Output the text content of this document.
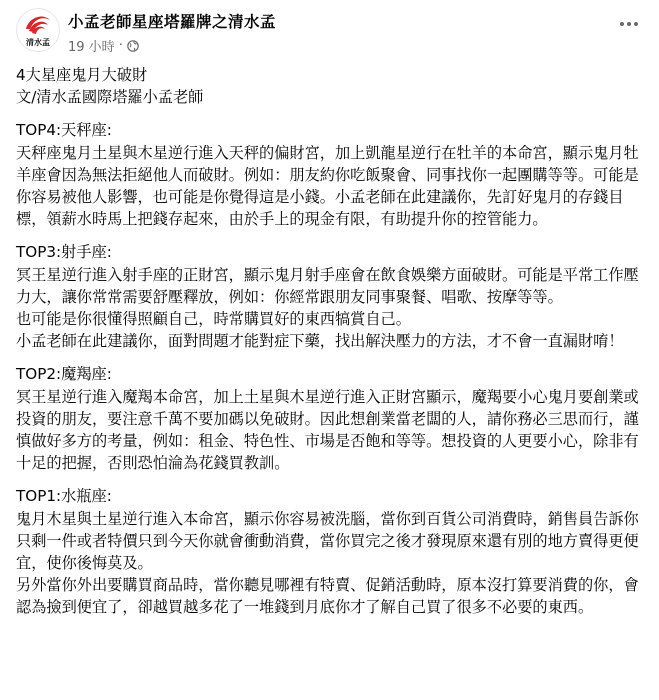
清水孟
小孟老師星座塔羅牌之清水孟
19 小時 ·

4大星座鬼月大破財

文/清水孟國際塔羅小孟老師

TOP4:天秤座:

天秤座鬼月土星與木星逆行進入天秤的偏財宮，加上凱龍星逆行在牡羊的本命宮，顯示鬼月牡羊座會因為無法拒絕他人而破財。例如：朋友約你吃飯聚會、同事找你一起團購等等。可能是你容易被他人影響，也可能是你覺得這是小錢。小孟老師在此建議你，先訂好鬼月的存錢目標，領薪水時馬上把錢存起來，由於手上的現金有限，有助提升你的控管能力。

TOP3:射手座:

冥王星逆行進入射手座的正財宮，顯示鬼月射手座會在飲食娛樂方面破財。可能是平常工作壓力大，讓你常常需要舒壓釋放，例如：你經常跟朋友同事聚餐、唱歌、按摩等等。

也可能是你很懂得照顧自己，時常購買好的東西犒賞自己。

小孟老師在此建議你，面對問題才能對症下藥，找出解決壓力的方法，才不會一直漏財唷！

TOP2:魔羯座:

冥王星逆行進入魔羯本命宮，加上土星與木星逆行進入正財宮顯示，魔羯要小心鬼月要創業或投資的朋友，要注意千萬不要加碼以免破財。因此想創業當老闆的人，請你務必三思而行，謹慎做好多方的考量，例如：租金、特色性、市場是否飽和等等。想投資的人更要小心，除非有十足的把握，否則恐怕淪為花錢買教訓。

TOP1:水瓶座:

鬼月木星與土星逆行進入本命宮，顯示你容易被洗腦，當你到百貨公司消費時，銷售員告訴你只剩一件或者特價只到今天你就會衝動消費，當你買完之後才發現原來還有別的地方賣得更便宜，使你後悔莫及。

另外當你外出要購買商品時，當你聽見哪裡有特賣、促銷活動時，原本沒打算要消費的你，會認為撿到便宜了，卻越買越多花了一堆錢到月底你才了解自己買了很多不必要的東西。
